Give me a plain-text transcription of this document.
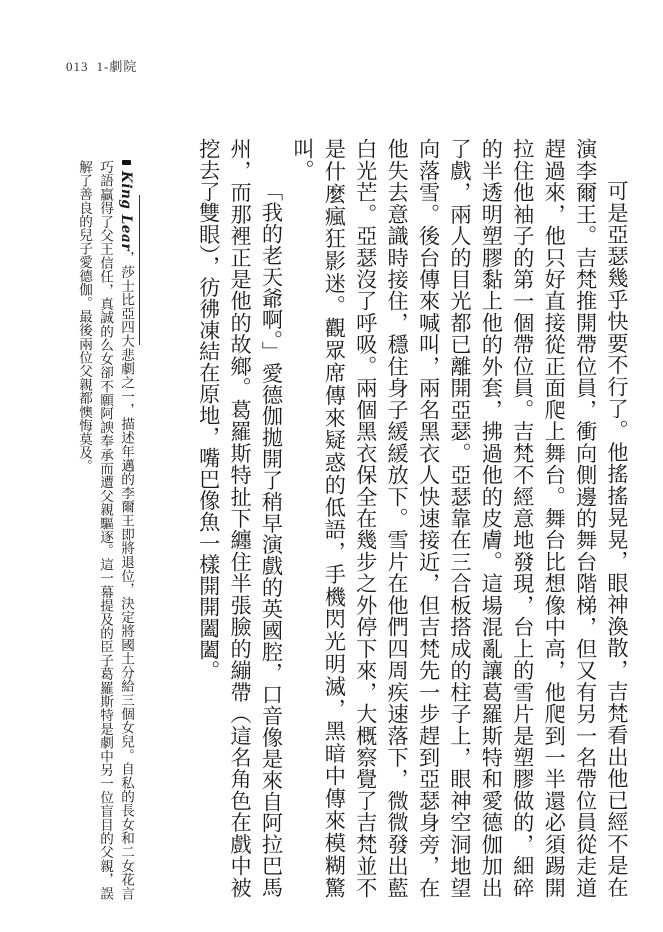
013 1-劇院

可是亞瑟幾乎快要不行了。他搖搖晃晃，眼神渙散，吉梵看出他已經不是在演李爾王。吉梵推開帶位員，衝向側邊的舞台階梯，但又有另一名帶位員從走道趕過來，他只好直接從正面爬上舞台。舞台比想像中高，他爬到一半還必須踢開拉住他袖子的第一個帶位員。吉梵不經意地發現，台上的雪片是塑膠做的，細碎的半透明塑膠黏上他的外套，拂過他的皮膚。這場混亂讓葛羅斯特和愛德伽加出了戲，兩人的目光都已離開亞瑟。亞瑟靠在三合板搭成的柱子上，眼神空洞地望向落雪。後台傳來喊叫，兩名黑衣人快速接近，但吉梵先一步趕到亞瑟身旁，在他失去意識時接住，穩住身子緩緩放下。雪片在他們四周疾速落下，微微發出藍白光芒。亞瑟沒了呼吸。兩個黑衣保全在幾步之外停下來，大概察覺了吉梵並不是什麼瘋狂影迷。觀眾席傳來疑惑的低語，手機閃光明滅，黑暗中傳來模糊驚叫。

「我的老天爺啊。」愛德伽拋開了稍早演戲的英國腔，口音像是來自阿拉巴馬州，而那裡正是他的故鄉。葛羅斯特扯下纏住半張臉的繃帶（這名角色在戲中被挖去了雙眼），彷彿凍結在原地，嘴巴像魚一樣開開闔闔。

King Lear，莎士比亞四大悲劇之一，描述年邁的李爾王即將退位，決定將國土分給三個女兒。自私的長女和二女花言巧語贏得了父王信任，真誠的么女卻不願阿諛奉承而遭父親驅逐。這一幕提及的臣子葛羅斯特是劇中另一位盲目的父親，誤解了善良的兒子愛德伽。最後兩位父親都懊悔莫及。
